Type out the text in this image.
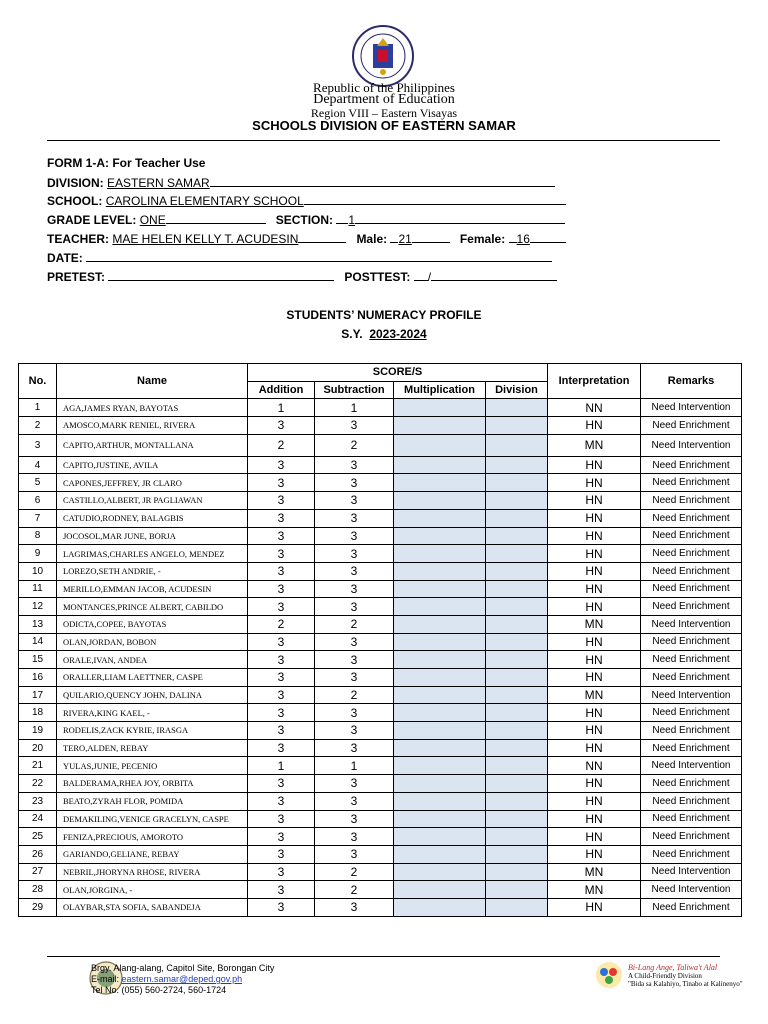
Republic of the Philippines
Department of Education
Region VIII – Eastern Visayas
SCHOOLS DIVISION OF EASTERN SAMAR
FORM 1-A: For Teacher Use
DIVISION: EASTERN SAMAR
SCHOOL: CAROLINA ELEMENTARY SCHOOL
GRADE LEVEL: ONE	SECTION: 1
TEACHER: MAE HELEN KELLY T. ACUDESIN	Male: 21	Female: 16
DATE:
PRETEST:	POSTTEST: /
STUDENTS’ NUMERACY PROFILE
S.Y. 2023-2024
No.	Name	SCORE/S				Interpretation	Remarks
		Addition	Subtraction	Multiplication	Division		
1	AGA,JAMES RYAN, BAYOTAS	1	1			NN	Need Intervention
2	AMOSCO,MARK RENIEL, RIVERA	3	3			HN	Need Enrichment
3	CAPITO,ARTHUR, MONTALLANA	2	2			MN	Need Intervention
4	CAPITO,JUSTINE, AVILA	3	3			HN	Need Enrichment
5	CAPONES,JEFFREY, JR CLARO	3	3			HN	Need Enrichment
6	CASTILLO,ALBERT, JR PAGLIAWAN	3	3			HN	Need Enrichment
7	CATUDIO,RODNEY, BALAGBIS	3	3			HN	Need Enrichment
8	JOCOSOL,MAR JUNE, BORJA	3	3			HN	Need Enrichment
9	LAGRIMAS,CHARLES ANGELO, MENDEZ	3	3			HN	Need Enrichment
10	LOREZO,SETH ANDRIE, -	3	3			HN	Need Enrichment
11	MERILLO,EMMAN JACOB, ACUDESIN	3	3			HN	Need Enrichment
12	MONTANCES,PRINCE ALBERT, CABILDO	3	3			HN	Need Enrichment
13	ODICTA,COPEE, BAYOTAS	2	2			MN	Need Intervention
14	OLAN,JORDAN, BOBON	3	3			HN	Need Enrichment
15	ORALE,IVAN, ANDEA	3	3			HN	Need Enrichment
16	ORALLER,LIAM LAETTNER, CASPE	3	3			HN	Need Enrichment
17	QUILARIO,QUENCY JOHN, DALINA	3	2			MN	Need Intervention
18	RIVERA,KING KAEL, -	3	3			HN	Need Enrichment
19	RODELIS,ZACK KYRIE, IRASGA	3	3			HN	Need Enrichment
20	TERO,ALDEN, REBAY	3	3			HN	Need Enrichment
21	YULAS,JUNIE, PECENIO	1	1			NN	Need Intervention
22	BALDERAMA,RHEA JOY, ORBITA	3	3			HN	Need Enrichment
23	BEATO,ZYRAH FLOR, POMIDA	3	3			HN	Need Enrichment
24	DEMAKILING,VENICE GRACELYN, CASPE	3	3			HN	Need Enrichment
25	FENIZA,PRECIOUS, AMOROTO	3	3			HN	Need Enrichment
26	GARIANDO,GELIANE, REBAY	3	3			HN	Need Enrichment
27	NEBRIL,JHORYNA RHOSE, RIVERA	3	2			MN	Need Intervention
28	OLAN,JORGINA, -	3	2			MN	Need Intervention
29	OLAYBAR,STA SOFIA, SABANDEJA	3	3			HN	Need Enrichment
Brgy. Alang-alang, Capitol Site, Borongan City
E-mail: eastern.samar@deped.gov.ph
Tel No. (055) 560-2724, 560-1724
Bi-Lang Ange, Taliwa't Alal
A Child-Friendly Division
"Bida sa Kalahiyo, Tinabo at Kalinenyo"
